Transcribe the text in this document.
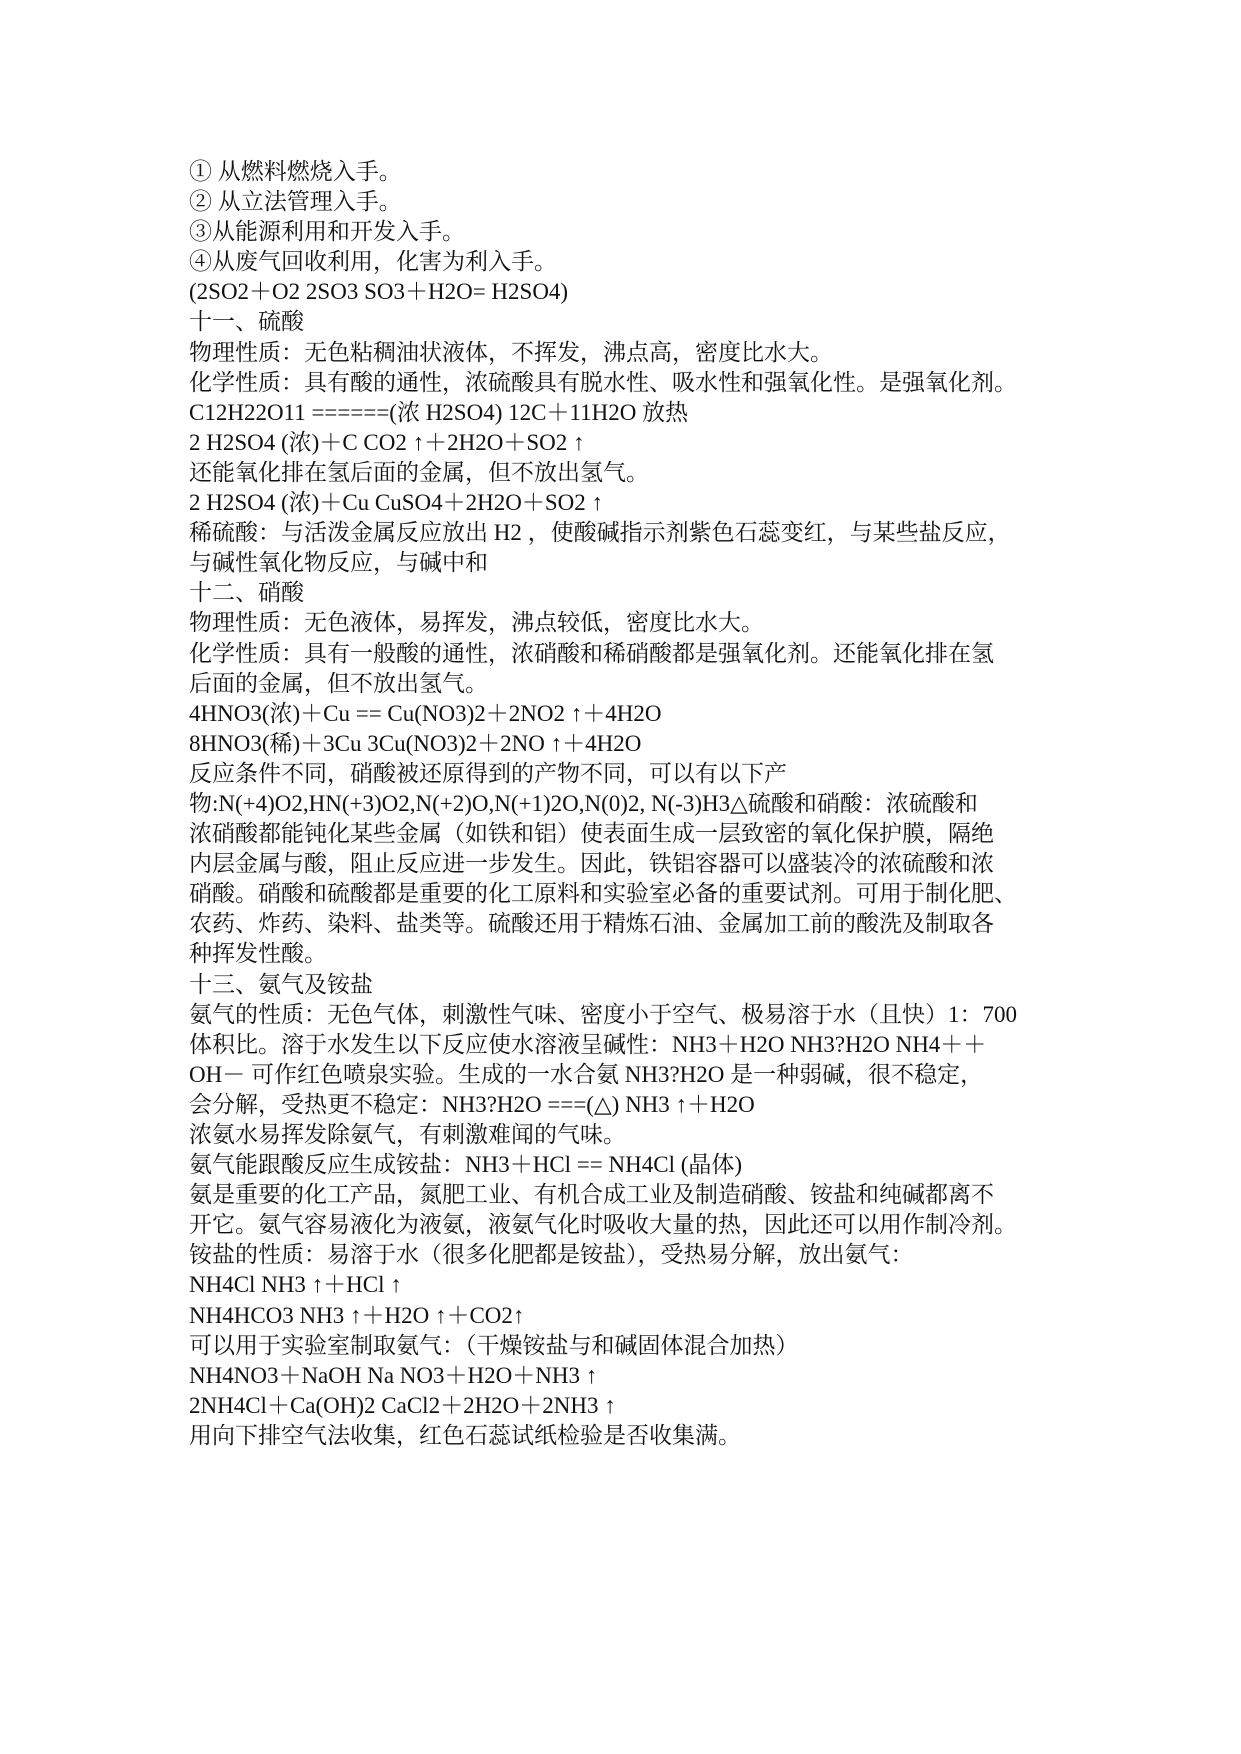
① 从燃料燃烧入手。
② 从立法管理入手。
③从能源利用和开发入手。
④从废气回收利用，化害为利入手。
(2SO2＋O2 2SO3 SO3＋H2O= H2SO4)
十一、硫酸
物理性质：无色粘稠油状液体，不挥发，沸点高，密度比水大。
化学性质：具有酸的通性，浓硫酸具有脱水性、吸水性和强氧化性。是强氧化剂。
C12H22O11 ======(浓 H2SO4) 12C＋11H2O 放热
2 H2SO4 (浓)＋C CO2 ↑＋2H2O＋SO2 ↑
还能氧化排在氢后面的金属，但不放出氢气。
2 H2SO4 (浓)＋Cu CuSO4＋2H2O＋SO2 ↑
稀硫酸：与活泼金属反应放出 H2 ，使酸碱指示剂紫色石蕊变红，与某些盐反应，
与碱性氧化物反应，与碱中和
十二、硝酸
物理性质：无色液体，易挥发，沸点较低，密度比水大。
化学性质：具有一般酸的通性，浓硝酸和稀硝酸都是强氧化剂。还能氧化排在氢
后面的金属，但不放出氢气。
4HNO3(浓)＋Cu == Cu(NO3)2＋2NO2 ↑＋4H2O
8HNO3(稀)＋3Cu 3Cu(NO3)2＋2NO ↑＋4H2O
反应条件不同，硝酸被还原得到的产物不同，可以有以下产
物:N(+4)O2,HN(+3)O2,N(+2)O,N(+1)2O,N(0)2, N(-3)H3△硫酸和硝酸：浓硫酸和
浓硝酸都能钝化某些金属（如铁和铝）使表面生成一层致密的氧化保护膜，隔绝
内层金属与酸，阻止反应进一步发生。因此，铁铝容器可以盛装冷的浓硫酸和浓
硝酸。硝酸和硫酸都是重要的化工原料和实验室必备的重要试剂。可用于制化肥、
农药、炸药、染料、盐类等。硫酸还用于精炼石油、金属加工前的酸洗及制取各
种挥发性酸。
十三、氨气及铵盐
氨气的性质：无色气体，刺激性气味、密度小于空气、极易溶于水（且快）1：700
体积比。溶于水发生以下反应使水溶液呈碱性：NH3＋H2O NH3?H2O NH4＋＋
OH－ 可作红色喷泉实验。生成的一水合氨 NH3?H2O 是一种弱碱，很不稳定，
会分解，受热更不稳定：NH3?H2O ===(△) NH3 ↑＋H2O
浓氨水易挥发除氨气，有刺激难闻的气味。
氨气能跟酸反应生成铵盐：NH3＋HCl == NH4Cl (晶体)
氨是重要的化工产品，氮肥工业、有机合成工业及制造硝酸、铵盐和纯碱都离不
开它。氨气容易液化为液氨，液氨气化时吸收大量的热，因此还可以用作制冷剂。
铵盐的性质：易溶于水（很多化肥都是铵盐），受热易分解，放出氨气：
NH4Cl NH3 ↑＋HCl ↑
NH4HCO3 NH3 ↑＋H2O ↑＋CO2↑
可以用于实验室制取氨气：（干燥铵盐与和碱固体混合加热）
NH4NO3＋NaOH Na NO3＋H2O＋NH3 ↑
2NH4Cl＋Ca(OH)2 CaCl2＋2H2O＋2NH3 ↑
用向下排空气法收集，红色石蕊试纸检验是否收集满。
